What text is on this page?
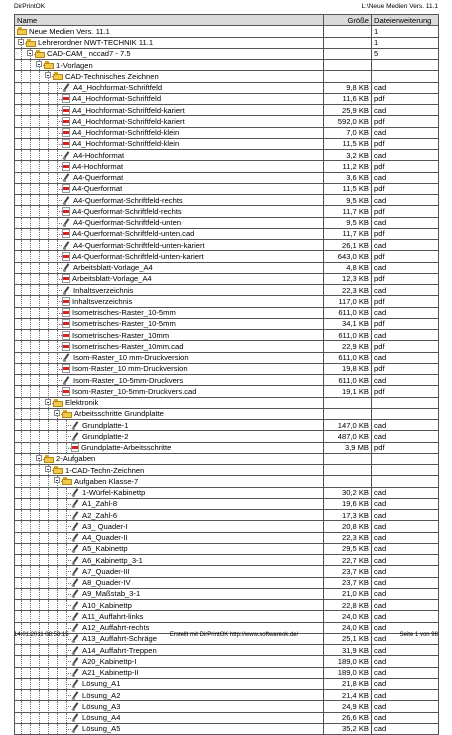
DirPrintOK	L:\Neue Medien Vers. 11.1
Name	Größe	Dateierweiterung

Neue Medien Vers. 11.1		1

Lehrerordner NWT-TECHNIK 11.1		1

CAD-CAM_ nccad7 - 7.5		5

1-Vorlagen		

CAD-Technisches Zeichnen		

A4_Hochformat-Schriftfeld	9,8 KB	cad

A4_Hochformat-Schriftfeld	11,6 KB	pdf

A4_Hochformat-Schriftfeld-kariert	25,9 KB	cad

A4_Hochformat-Schriftfeld-kariert	592,0 KB	pdf

A4_Hochformat-Schriftfeld-klein	7,0 KB	cad

A4_Hochformat-Schriftfeld-klein	11,5 KB	pdf

A4-Hochformat	3,2 KB	cad

A4-Hochformat	11,2 KB	pdf

A4-Querformat	3,6 KB	cad

A4-Querformat	11,5 KB	pdf

A4-Querformat-Schriftfeld-rechts	9,5 KB	cad

A4-Querformat-Schriftfeld-rechts	11,7 KB	pdf

A4-Querformat-Schriftfeld-unten	9,5 KB	cad

A4-Querformat-Schriftfeld-unten.cad	11,7 KB	pdf

A4-Querformat-Schriftfeld-unten-kariert	26,1 KB	cad

A4-Querformat-Schriftfeld-unten-kariert	643,0 KB	pdf

Arbeitsblatt-Vorlage_A4	4,8 KB	cad

Arbeitsblatt-Vorlage_A4	12,3 KB	pdf

Inhaltsverzeichnis	22,3 KB	cad

Inhaltsverzeichnis	117,0 KB	pdf

Isometrisches-Raster_10-5mm	611,0 KB	cad

Isometrisches-Raster_10-5mm	34,1 KB	pdf

Isometrisches-Raster_10mm	611,0 KB	cad

Isometrisches-Raster_10mm.cad	22,9 KB	pdf

Isom-Raster_10 mm-Druckversion	611,0 KB	cad

Isom-Raster_10 mm-Druckversion	19,8 KB	pdf

Isom-Raster_10-5mm-Druckvers	611,0 KB	cad

Isom-Raster_10-5mm-Druckvers.cad	19,1 KB	pdf

Elektronik		

Arbeitsschritte Grundplatte		

Grundplatte-1	147,0 KB	cad

Grundplatte-2	487,0 KB	cad

Grundplatte-Arbeitsschritte	3,9 MB	pdf

2-Aufgaben		

1-CAD-Techn-Zeichnen		

Aufgaben Klasse-7		

1-Würfel-Kabinettp	30,2 KB	cad

A1_Zahl-8	19,6 KB	cad

A2_Zahl-6	17,3 KB	cad

A3_ Quader-I	20,8 KB	cad

A4_Quader-II	22,3 KB	cad

A5_Kabinettp	29,5 KB	cad

A6_Kabinettp_3-1	22,7 KB	cad

A7_Quader-III	23,7 KB	cad

A8_Quader-IV	23,7 KB	cad

A9_Maßstab_3-1	21,0 KB	cad

A10_Kabinettp	22,8 KB	cad

A11_Auffahrt-links	24,0 KB	cad

A12_Auffahrt-rechts	24,0 KB	cad

A13_Auffahrt-Schräge	25,1 KB	cad

A14_Auffahrt-Treppen	31,9 KB	cad

A20_Kabinettp-I	189,0 KB	cad

A21_Kabinettp-II	189,0 KB	cad

Lösung_A1	21,8 KB	cad

Lösung_A2	21,4 KB	cad

Lösung_A3	24,9 KB	cad

Lösung_A4	26,6 KB	cad

Lösung_A5	35,2 KB	cad
14.01.2011 08:53:15	Erstellt mit DirPrintOK http://www.softwareok.de/	Seite 1 von 98
